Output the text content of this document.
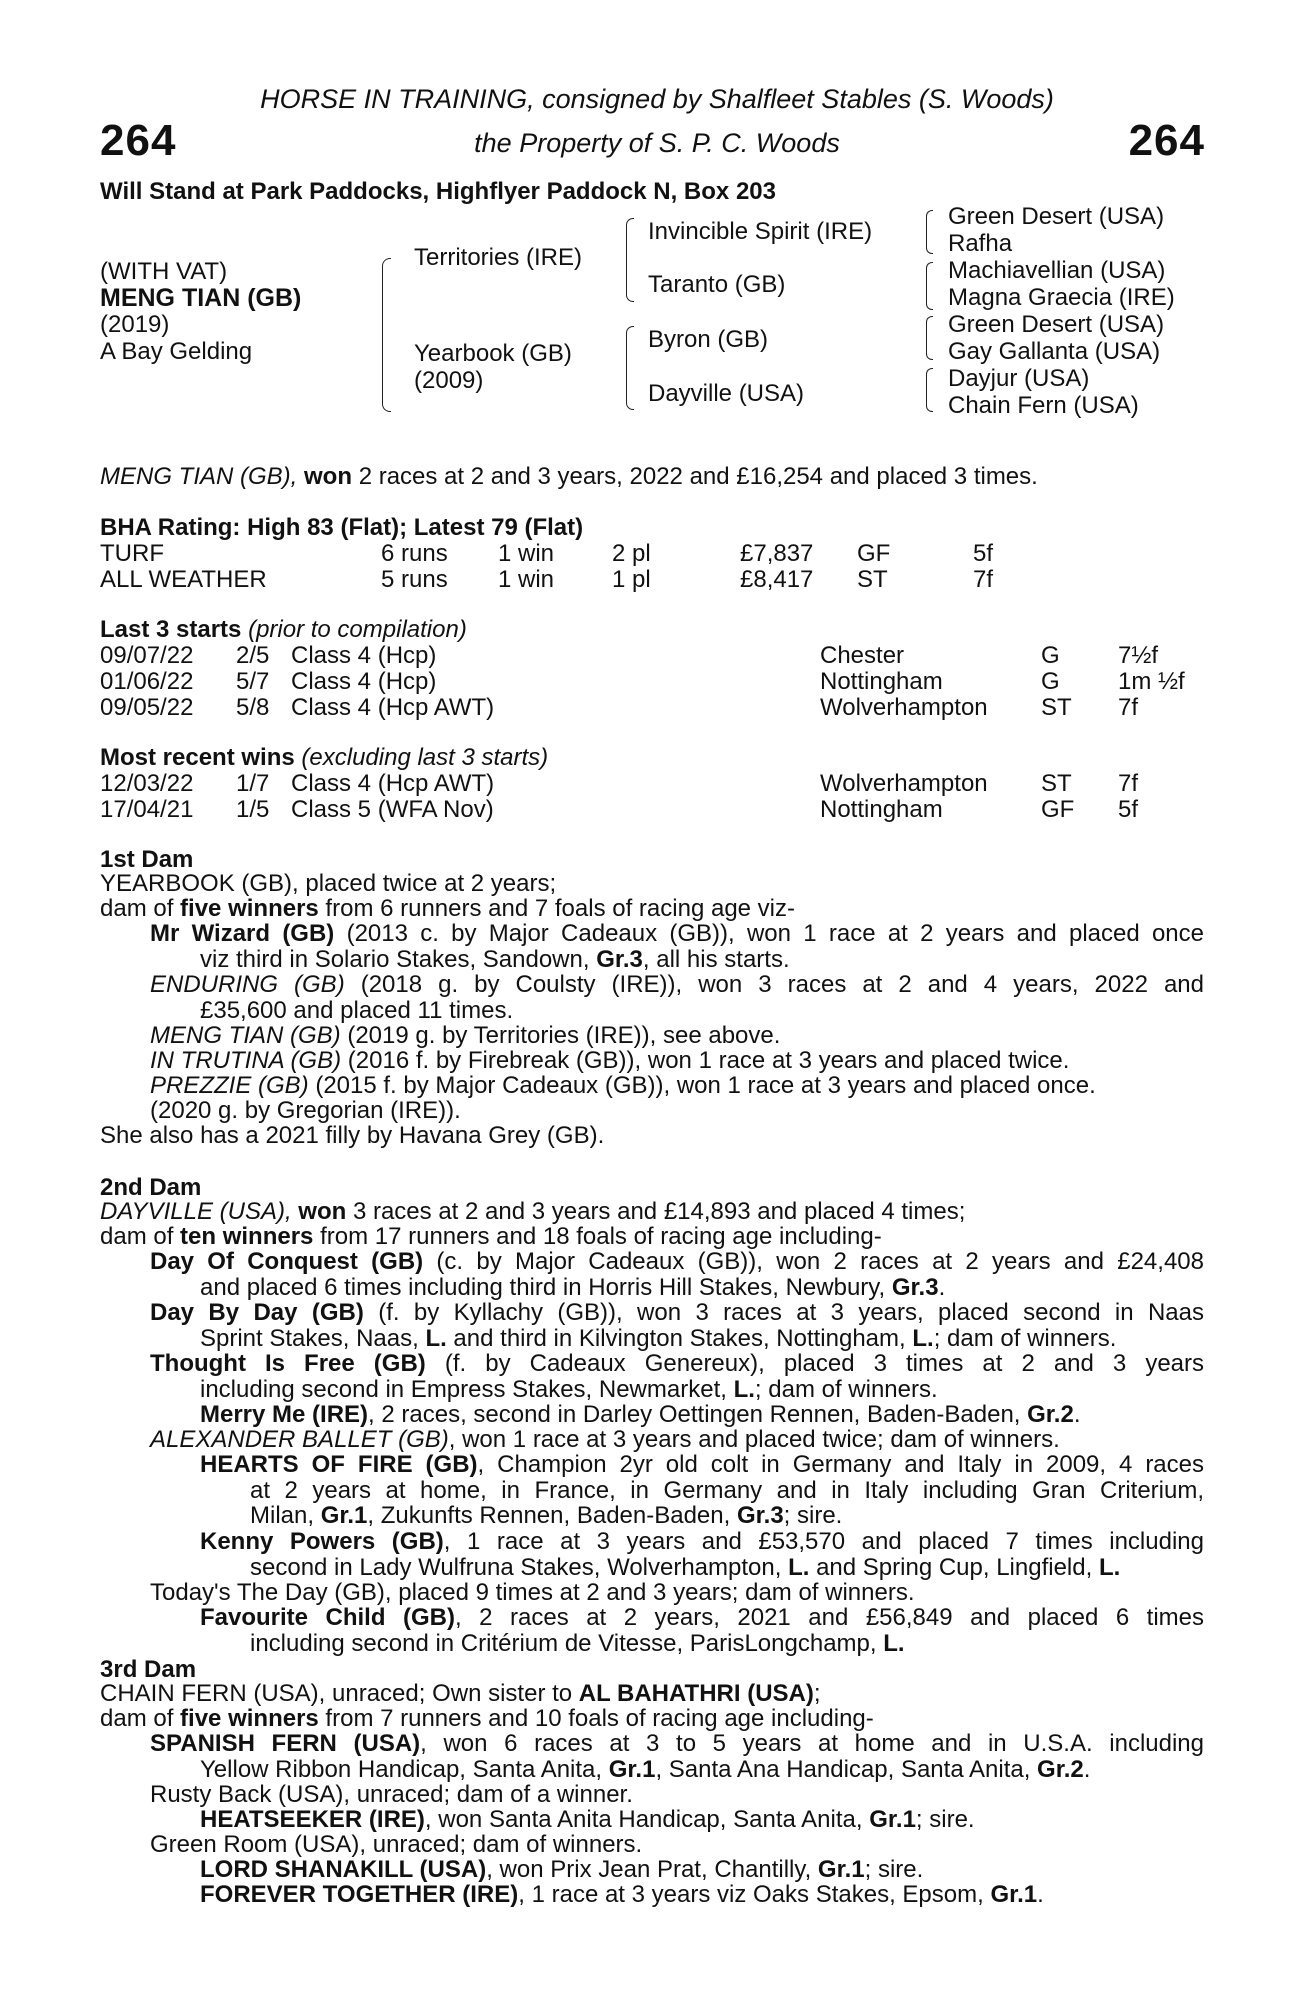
HORSE IN TRAINING, consigned by Shalfleet Stables (S. Woods)
the Property of S. P. C. Woods
264	264
Will Stand at Park Paddocks, Highflyer Paddock N, Box 203
(WITH VAT)
MENG TIAN (GB)
(2019)
A Bay Gelding
Territories (IRE)
Yearbook (GB)
(2009)
Invincible Spirit (IRE)
Taranto (GB)
Byron (GB)
Dayville (USA)
Green Desert (USA)
Rafha
Machiavellian (USA)
Magna Graecia (IRE)
Green Desert (USA)
Gay Gallanta (USA)
Dayjur (USA)
Chain Fern (USA)
MENG TIAN (GB), won 2 races at 2 and 3 years, 2022 and £16,254 and placed 3 times.
BHA Rating: High 83 (Flat); Latest 79 (Flat)
TURF	6 runs 1 win 2 pl	£7,837 GF	5f
ALL WEATHER	5 runs 1 win 1 pl	£8,417 ST	7f
Last 3 starts (prior to compilation)
09/07/22 2/5 Class 4 (Hcp)	Chester	G 7½f
01/06/22 5/7 Class 4 (Hcp)	Nottingham	G 1m ½f
09/05/22 5/8 Class 4 (Hcp AWT)	Wolverhampton ST 7f
Most recent wins (excluding last 3 starts)
12/03/22 1/7 Class 4 (Hcp AWT)	Wolverhampton ST 7f
17/04/21 1/5 Class 5 (WFA Nov)	Nottingham	GF 5f
1st Dam
YEARBOOK (GB), placed twice at 2 years;
dam of five winners from 6 runners and 7 foals of racing age viz-
Mr Wizard (GB) (2013 c. by Major Cadeaux (GB)), won 1 race at 2 years and placed once
viz third in Solario Stakes, Sandown, Gr.3, all his starts.
ENDURING (GB) (2018 g. by Coulsty (IRE)), won 3 races at 2 and 4 years, 2022 and
£35,600 and placed 11 times.
MENG TIAN (GB) (2019 g. by Territories (IRE)), see above.
IN TRUTINA (GB) (2016 f. by Firebreak (GB)), won 1 race at 3 years and placed twice.
PREZZIE (GB) (2015 f. by Major Cadeaux (GB)), won 1 race at 3 years and placed once.
(2020 g. by Gregorian (IRE)).
She also has a 2021 filly by Havana Grey (GB).
2nd Dam
DAYVILLE (USA), won 3 races at 2 and 3 years and £14,893 and placed 4 times;
dam of ten winners from 17 runners and 18 foals of racing age including-
Day Of Conquest (GB) (c. by Major Cadeaux (GB)), won 2 races at 2 years and £24,408
and placed 6 times including third in Horris Hill Stakes, Newbury, Gr.3.
Day By Day (GB) (f. by Kyllachy (GB)), won 3 races at 3 years, placed second in Naas
Sprint Stakes, Naas, L. and third in Kilvington Stakes, Nottingham, L.; dam of winners.
Thought Is Free (GB) (f. by Cadeaux Genereux), placed 3 times at 2 and 3 years
including second in Empress Stakes, Newmarket, L.; dam of winners.
Merry Me (IRE), 2 races, second in Darley Oettingen Rennen, Baden-Baden, Gr.2.
ALEXANDER BALLET (GB), won 1 race at 3 years and placed twice; dam of winners.
HEARTS OF FIRE (GB), Champion 2yr old colt in Germany and Italy in 2009, 4 races
at 2 years at home, in France, in Germany and in Italy including Gran Criterium,
Milan, Gr.1, Zukunfts Rennen, Baden-Baden, Gr.3; sire.
Kenny Powers (GB), 1 race at 3 years and £53,570 and placed 7 times including
second in Lady Wulfruna Stakes, Wolverhampton, L. and Spring Cup, Lingfield, L.
Today's The Day (GB), placed 9 times at 2 and 3 years; dam of winners.
Favourite Child (GB), 2 races at 2 years, 2021 and £56,849 and placed 6 times
including second in Critérium de Vitesse, ParisLongchamp, L.
3rd Dam
CHAIN FERN (USA), unraced; Own sister to AL BAHATHRI (USA);
dam of five winners from 7 runners and 10 foals of racing age including-
SPANISH FERN (USA), won 6 races at 3 to 5 years at home and in U.S.A. including
Yellow Ribbon Handicap, Santa Anita, Gr.1, Santa Ana Handicap, Santa Anita, Gr.2.
Rusty Back (USA), unraced; dam of a winner.
HEATSEEKER (IRE), won Santa Anita Handicap, Santa Anita, Gr.1; sire.
Green Room (USA), unraced; dam of winners.
LORD SHANAKILL (USA), won Prix Jean Prat, Chantilly, Gr.1; sire.
FOREVER TOGETHER (IRE), 1 race at 3 years viz Oaks Stakes, Epsom, Gr.1.
